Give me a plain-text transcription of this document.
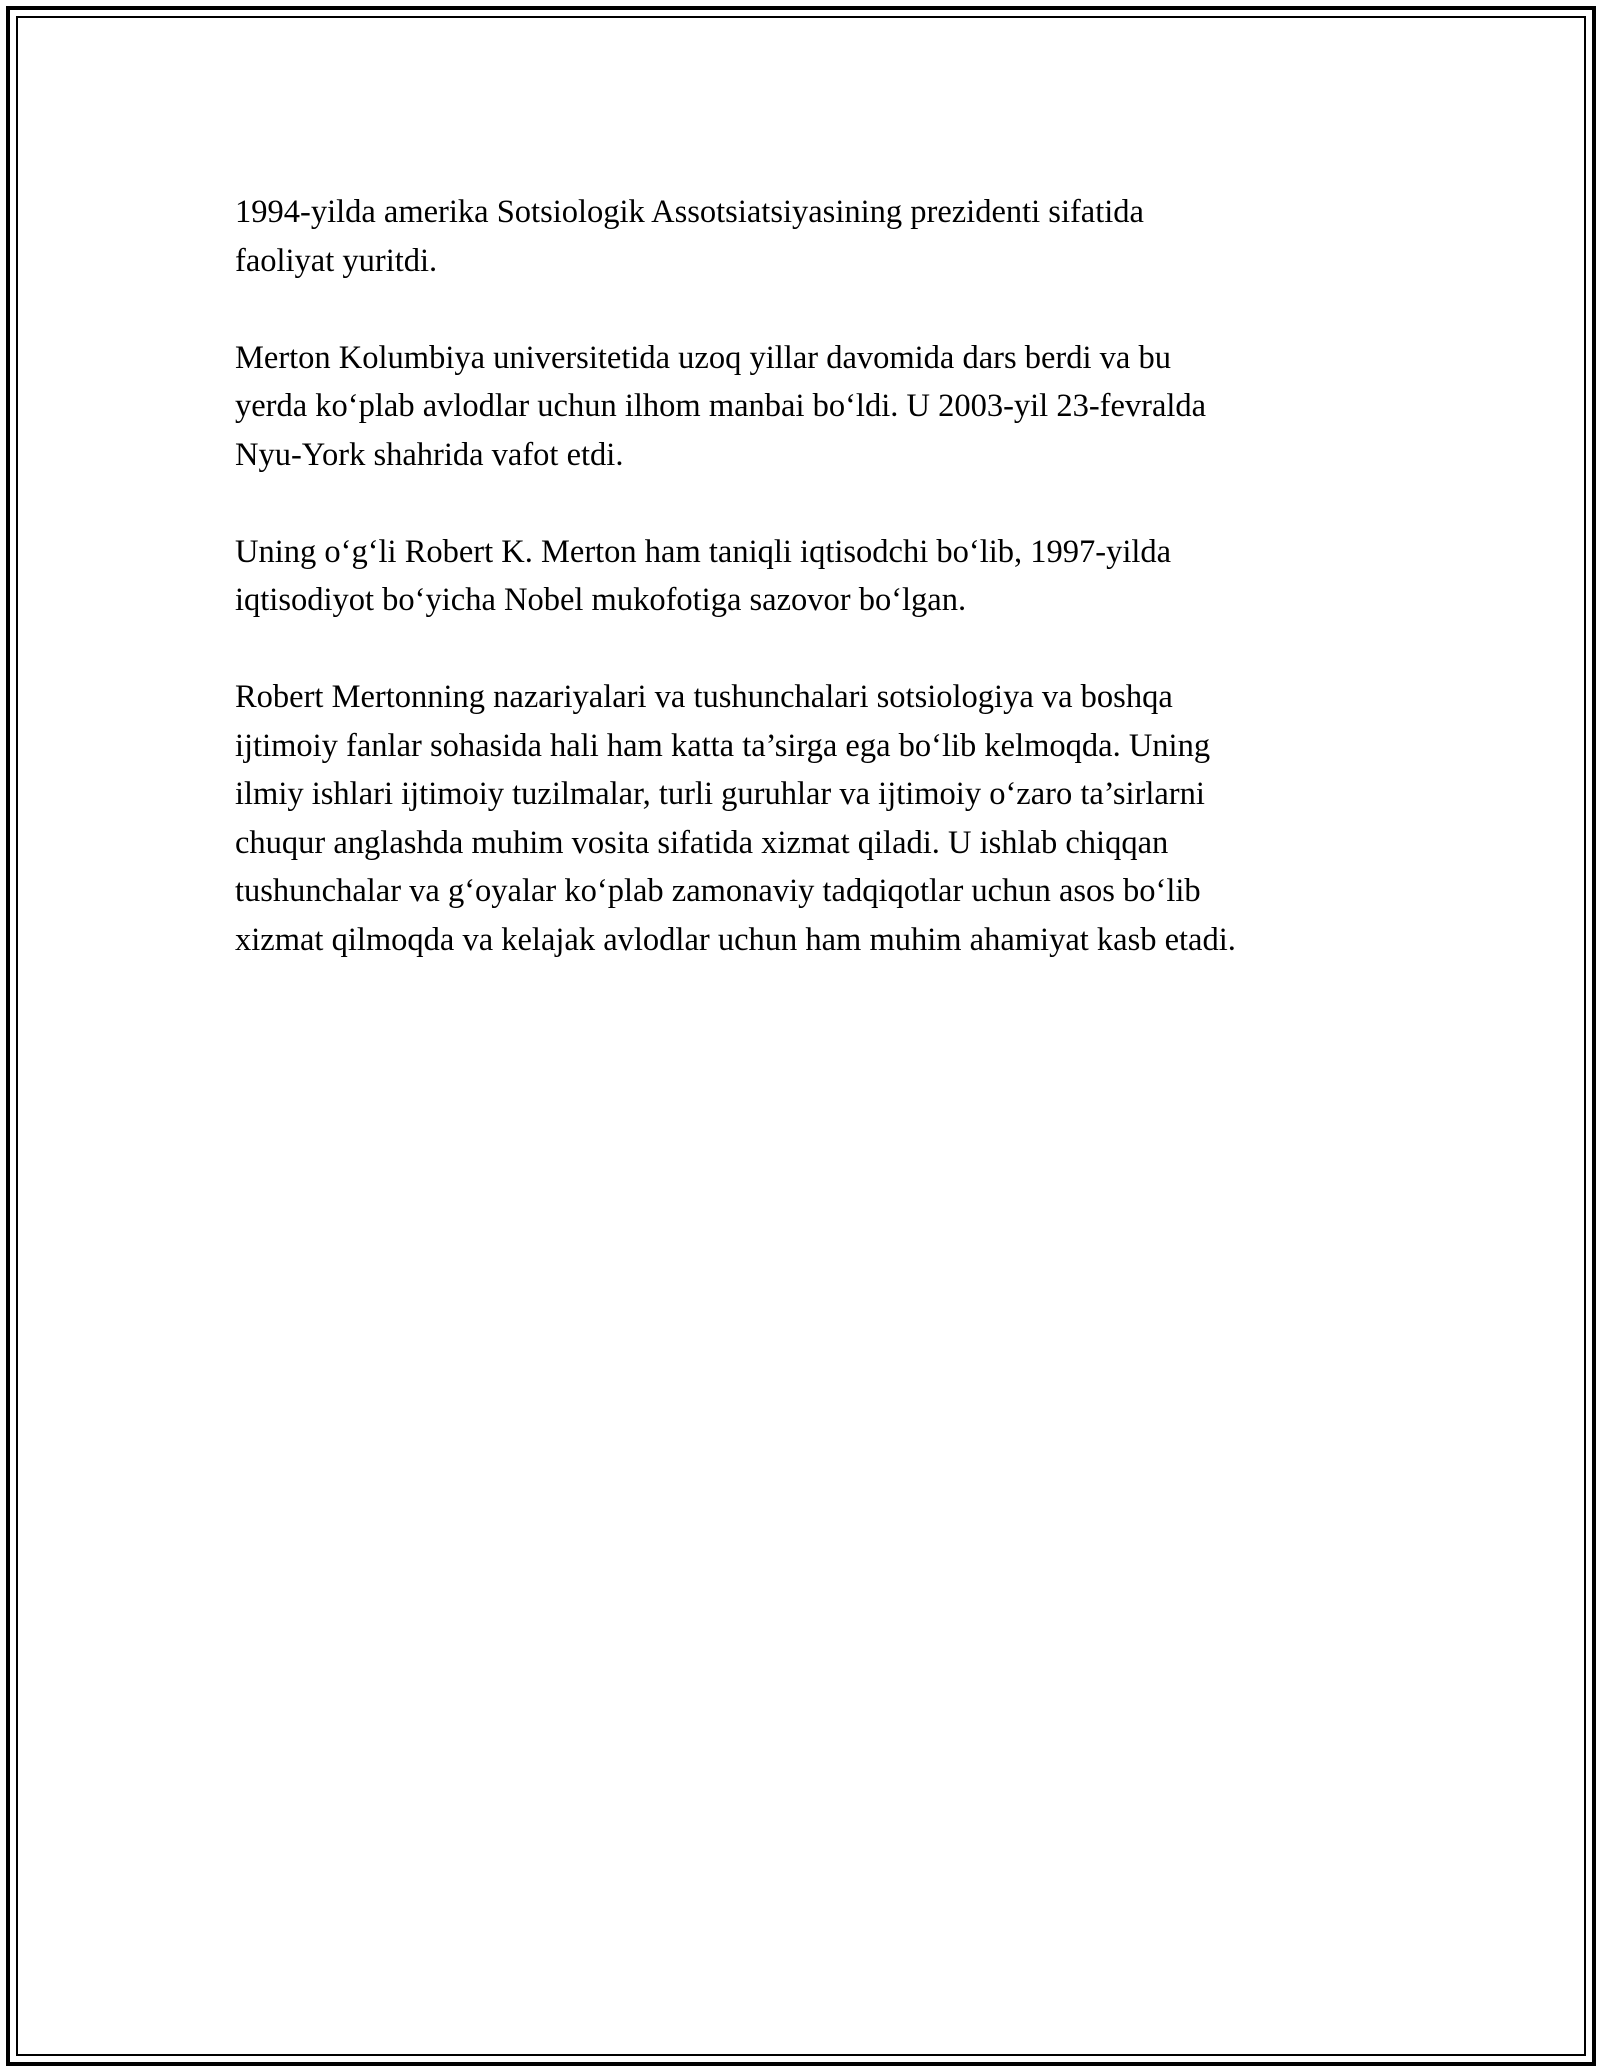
1994-yilda amerika Sotsiologik Assotsiatsiyasining prezidenti sifatida
faoliyat yuritdi.

Merton Kolumbiya universitetida uzoq yillar davomida dars berdi va bu
yerda ko‘plab avlodlar uchun ilhom manbai bo‘ldi. U 2003-yil 23-fevralda
Nyu-York shahrida vafot etdi.

Uning o‘g‘li Robert K. Merton ham taniqli iqtisodchi bo‘lib, 1997-yilda
iqtisodiyot bo‘yicha Nobel mukofotiga sazovor bo‘lgan.

Robert Mertonning nazariyalari va tushunchalari sotsiologiya va boshqa
ijtimoiy fanlar sohasida hali ham katta ta’sirga ega bo‘lib kelmoqda. Uning
ilmiy ishlari ijtimoiy tuzilmalar, turli guruhlar va ijtimoiy o‘zaro ta’sirlarni
chuqur anglashda muhim vosita sifatida xizmat qiladi. U ishlab chiqqan
tushunchalar va g‘oyalar ko‘plab zamonaviy tadqiqotlar uchun asos bo‘lib
xizmat qilmoqda va kelajak avlodlar uchun ham muhim ahamiyat kasb etadi.
